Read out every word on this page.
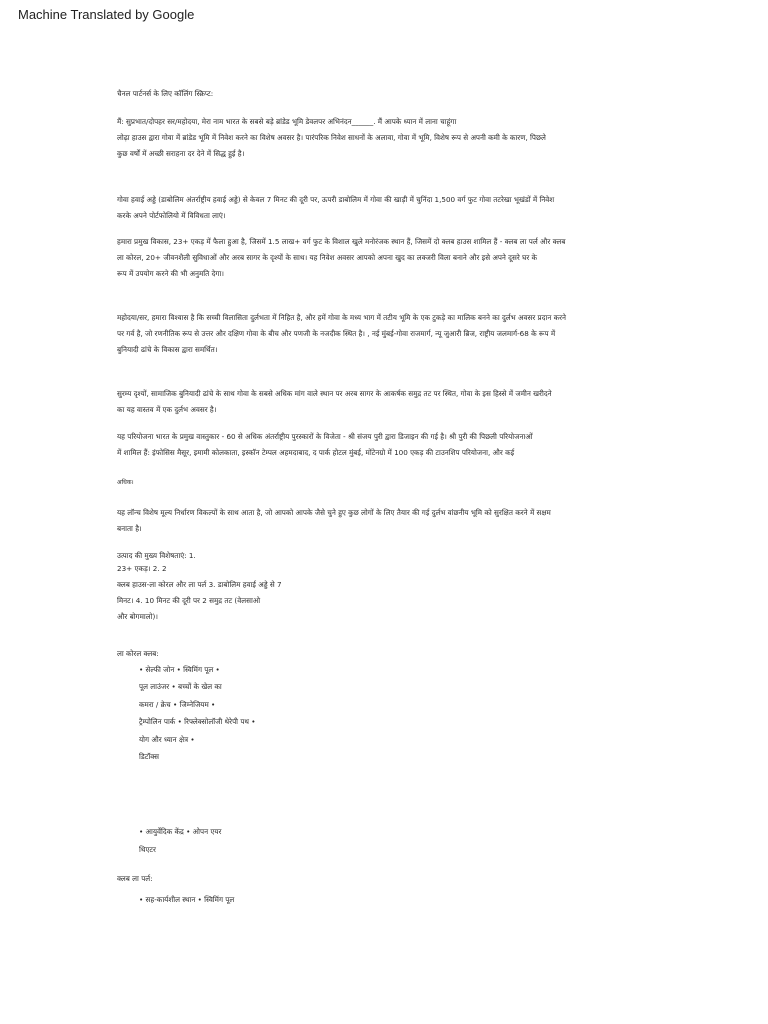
Machine Translated by Google
चैनल पार्टनर्स के लिए कॉलिंग स्क्रिप्ट:
मैं: सुप्रभात/दोपहर सर/महोदया, मेरा नाम भारत के सबसे बड़े ब्रांडेड भूमि डेवलपर अभिनंदन______. मैं आपके ध्यान में लाना चाहूंगा
लोढ़ा हाउस द्वारा गोवा में ब्रांडेड भूमि में निवेश करने का विशेष अवसर है। पारंपरिक निवेश साधनों के अलावा, गोवा में भूमि, विशेष रूप से अपनी कमी के कारण, पिछले
कुछ वर्षों में अच्छी सराहना दर देने में सिद्ध हुई है।
गोवा हवाई अड्डे (डाबोलिम अंतर्राष्ट्रीय हवाई अड्डे) से केवल 7 मिनट की दूरी पर, ऊपरी डाबोलिम में गोवा की खाड़ी में चुनिंदा 1,500 वर्ग फुट गोवा तटरेखा भूखंडों में निवेश
करके अपने पोर्टफोलियो में विविधता लाएं।
हमारा प्रमुख विकास, 23+ एकड़ में फैला हुआ है, जिसमें 1.5 लाख+ वर्ग फुट के विशाल खुले मनोरंजक स्थान हैं, जिसमें दो क्लब हाउस शामिल हैं - क्लब ला पर्ल और क्लब
ला कोरल, 20+ जीवनशैली सुविधाओं और अरब सागर के दृश्यों के साथ। यह निवेश अवसर आपको अपना खुद का लक्जरी विला बनाने और इसे अपने दूसरे घर के
रूप में उपयोग करने की भी अनुमति देगा।
महोदया/सर, हमारा विश्वास है कि सच्ची विलासिता दुर्लभता में निहित है, और हमें गोवा के मध्य भाग में तटीय भूमि के एक टुकड़े का मालिक बनने का दुर्लभ अवसर प्रदान करने
पर गर्व है, जो रणनीतिक रूप से उत्तर और दक्षिण गोवा के बीच और पणजी के नजदीक स्थित है। , नई मुंबई-गोवा राजमार्ग, न्यू जुआरी ब्रिज, राष्ट्रीय जलमार्ग-68 के रूप में
बुनियादी ढांचे के विकास द्वारा समर्थित।
सुरम्य दृश्यों, सामाजिक बुनियादी ढांचे के साथ गोवा के सबसे अधिक मांग वाले स्थान पर अरब सागर के आकर्षक समुद्र तट पर स्थित, गोवा के इस हिस्से में जमीन खरीदने
का यह वास्तव में एक दुर्लभ अवसर है।
यह परियोजना भारत के प्रमुख वास्तुकार - 60 से अधिक अंतर्राष्ट्रीय पुरस्कारों के विजेता - श्री संजय पुरी द्वारा डिजाइन की गई है। श्री पुरी की पिछली परियोजनाओं
में शामिल हैं: इंफोसिस मैसूर, इमामी कोलकाता, इस्कॉन टेम्पल अहमदाबाद, द पार्क होटल मुंबई, मोंटेनग्रो में 100 एकड़ की टाउनशिप परियोजना, और कई
अधिक।
यह लॉन्च विशेष मूल्य निर्धारण विकल्पों के साथ आता है, जो आपको आपके जैसे चुने हुए कुछ लोगों के लिए तैयार की गई दुर्लभ वांछनीय भूमि को सुरक्षित करने में सक्षम
बनाता है।
उत्पाद की मुख्य विशेषताएं: 1.
23+ एकड़। 2. 2
क्लब हाउस-ला कोरल और ला पर्ल 3. डाबोलिम हवाई अड्डे से 7
मिनट। 4. 10 मिनट की दूरी पर 2 समुद्र तट (वेलसाओ
और बोगमालो)।
ला कोरल क्लब:
• सेल्फी जोन • स्विमिंग पूल •
पूल लाउंजर • बच्चों के खेल का
कमरा / क्रेच • जिम्नेजियम •
ट्रैम्पोलिन पार्क • रिफ्लेक्सोलॉजी थेरेपी पथ •
योग और ध्यान क्षेत्र •
डिटॉक्स
• आयुर्वेदिक केंद्र • ओपन एयर
थिएटर
क्लब ला पर्ल:
• सह-कार्यशील स्थान • स्विमिंग पूल
